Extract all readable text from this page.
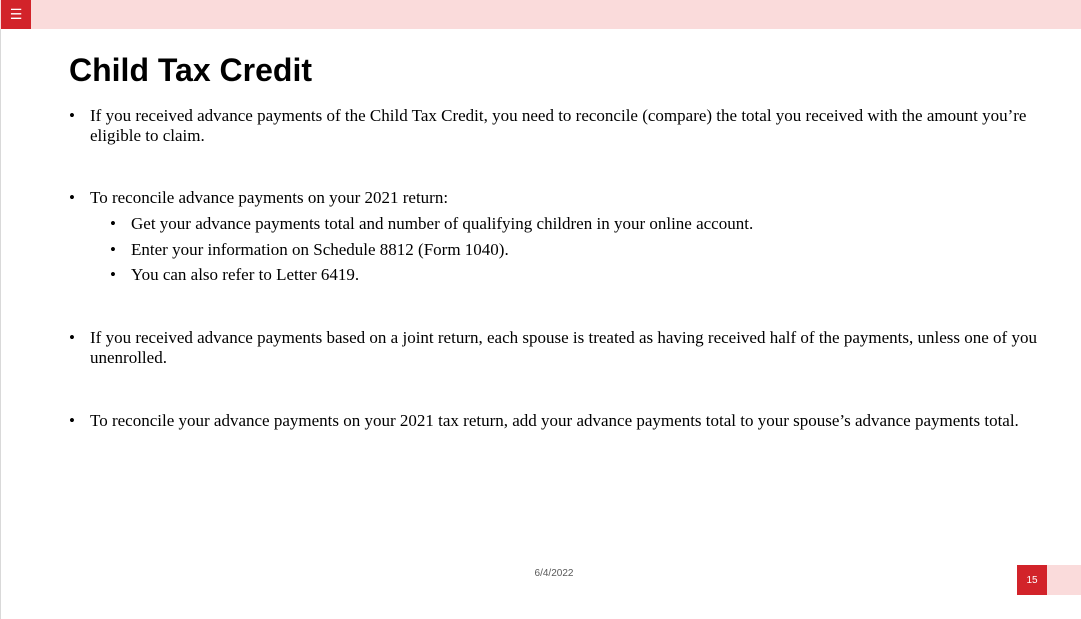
☰
Child Tax Credit
• If you received advance payments of the Child Tax Credit, you need to reconcile (compare) the total you received with the amount you’re eligible to claim.
• To reconcile advance payments on your 2021 return:
• Get your advance payments total and number of qualifying children in your online account.
• Enter your information on Schedule 8812 (Form 1040).
• You can also refer to Letter 6419.
• If you received advance payments based on a joint return, each spouse is treated as having received half of the payments, unless one of you unenrolled.
• To reconcile your advance payments on your 2021 tax return, add your advance payments total to your spouse’s advance payments total.
6/4/2022
15
